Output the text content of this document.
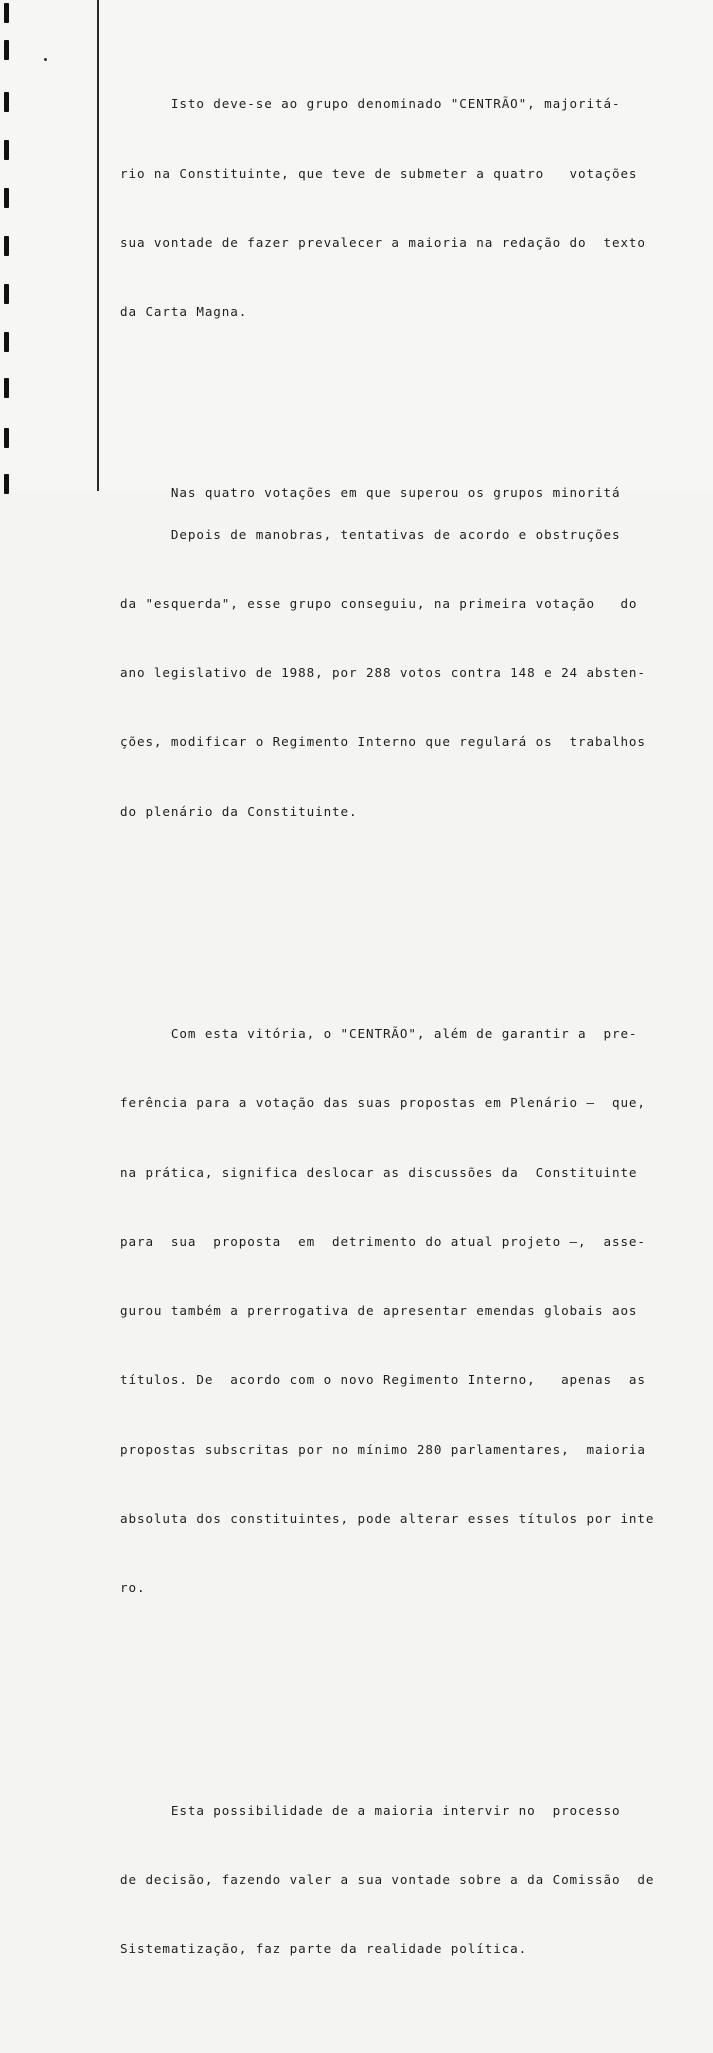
Isto deve-se ao grupo denominado "CENTRÃO", majoritá-

rio na Constituinte, que teve de submeter a quatro   votações

sua vontade de fazer prevalecer a maioria na redação do  texto

da Carta Magna.

Depois de manobras, tentativas de acordo e obstruções

da "esquerda", esse grupo conseguiu, na primeira votação   do

ano legislativo de 1988, por 288 votos contra 148 e 24 absten-

ções, modificar o Regimento Interno que regulará os  trabalhos

do plenário da Constituinte.

Com esta vitória, o "CENTRÃO", além de garantir a  pre-

ferência para a votação das suas propostas em Plenário —  que,

na prática, significa deslocar as discussões da  Constituinte

para  sua  proposta  em  detrimento do atual projeto —,  asse-

gurou também a prerrogativa de apresentar emendas globais aos

títulos. De  acordo com o novo Regimento Interno,   apenas  as

propostas subscritas por no mínimo 280 parlamentares,  maioria

absoluta dos constituintes, pode alterar esses títulos por inte

ro.

Esta possibilidade de a maioria intervir no  processo

de decisão, fazendo valer a sua vontade sobre a da Comissão  de

Sistematização, faz parte da realidade política.

Nas quatro votações em que superou os grupos minoritá
